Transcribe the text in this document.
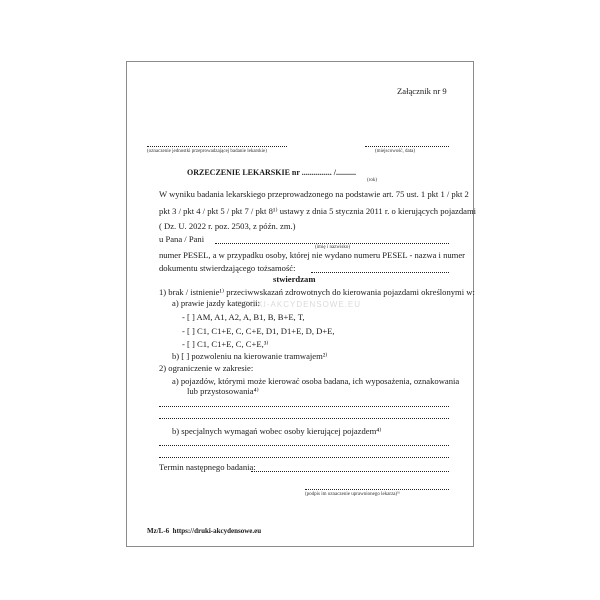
Załącznik nr 9
(oznaczenie jednostki przeprowadzającej badanie lekarskie)	(miejscowość, data)
ORZECZENIE LEKARSKIE nr ............... /..........
(rok)
W wyniku badania lekarskiego przeprowadzonego na podstawie art. 75 ust. 1 pkt 1 / pkt 2
pkt 3 / pkt 4 / pkt 5 / pkt 7 / pkt 8¹⁾ ustawy z dnia 5 stycznia 2011 r. o kierujących pojazdami
( Dz. U. 2022 r. poz. 2503, z późn. zm.)
u Pana / Pani
(imię i nazwisko)
numer PESEL, a w przypadku osoby, której nie wydano numeru PESEL - nazwa i numer
dokumentu stwierdzającego tożsamość:
stwierdzam
1) brak / istnienie¹⁾ przeciwwskazań zdrowotnych do kierowania pojazdami określonymi w:
a) prawie jazdy kategorii:
DRUKI-AKCYDENSOWE.EU
- [ ] AM, A1, A2, A, B1, B, B+E, T,
- [ ] C1, C1+E, C, C+E, D1, D1+E, D, D+E,
- [ ] C1, C1+E, C, C+E,³⁾
b) [ ] pozwoleniu na kierowanie tramwajem²⁾
2) ograniczenie w zakresie:
a) pojazdów, którymi może kierować osoba badana, ich wyposażenia, oznakowania
lub przystosowania⁴⁾
b) specjalnych wymagań wobec osoby kierującej pojazdem⁴⁾
Termin następnego badania:
(podpis im oznaczenie uprawnionego lekarza)⁵⁾
Mz/L-6 https://druki-akcydensowe.eu
